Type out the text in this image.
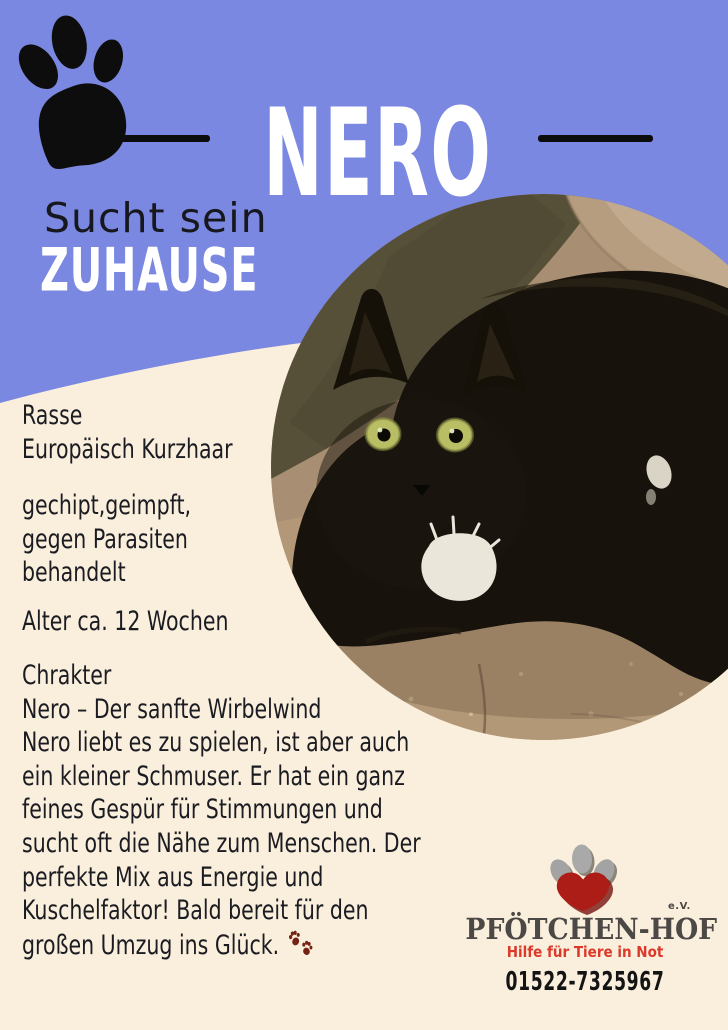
NERO
Sucht sein
ZUHAUSE
Rasse
Europäisch Kurzhaar
gechipt,geimpft,
gegen Parasiten
behandelt
Alter ca. 12 Wochen
Chrakter
Nero – Der sanfte Wirbelwind
Nero liebt es zu spielen, ist aber auch
ein kleiner Schmuser. Er hat ein ganz
feines Gespür für Stimmungen und
sucht oft die Nähe zum Menschen. Der
perfekte Mix aus Energie und
Kuschelfaktor! Bald bereit für den
großen Umzug ins Glück.	PFÖTCHEN-HOF
e.V.
Hilfe für Tiere in Not
01522-7325967
